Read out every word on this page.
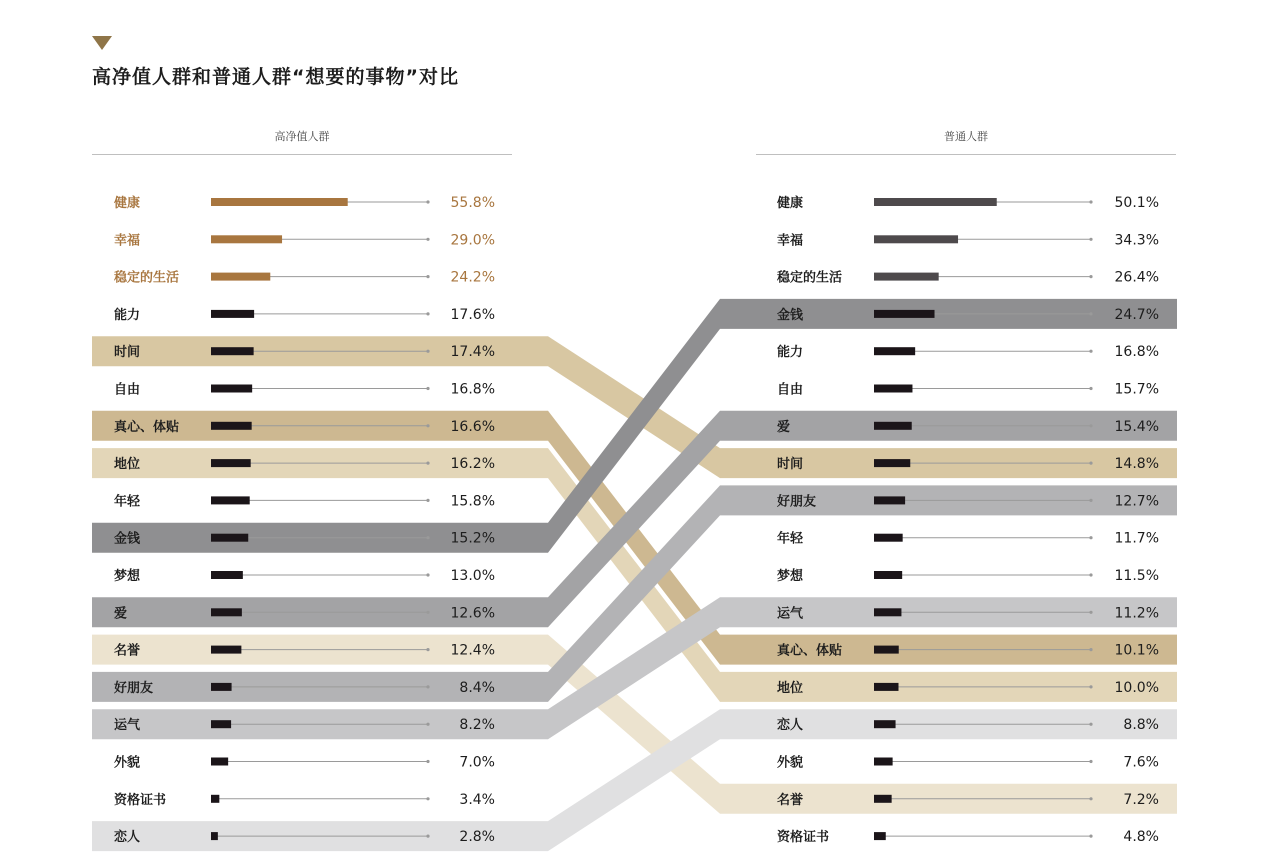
高净值人群和普通人群“想要的事物”对比
高净值人群	普通人群
健康	55.8%
幸福	29.0%
稳定的生活	24.2%
能力	17.6%
时间	17.4%
自由	16.8%
真心、体贴	16.6%
地位	16.2%
年轻	15.8%
金钱	15.2%
梦想	13.0%
爱	12.6%
名誉	12.4%
好朋友	8.4%
运气	8.2%
外貌	7.0%
资格证书	3.4%
恋人	2.8%
健康	50.1%
幸福	34.3%
稳定的生活	26.4%
金钱	24.7%
能力	16.8%
自由	15.7%
爱	15.4%
时间	14.8%
好朋友	12.7%
年轻	11.7%
梦想	11.5%
运气	11.2%
真心、体贴	10.1%
地位	10.0%
恋人	8.8%
外貌	7.6%
名誉	7.2%
资格证书	4.8%
